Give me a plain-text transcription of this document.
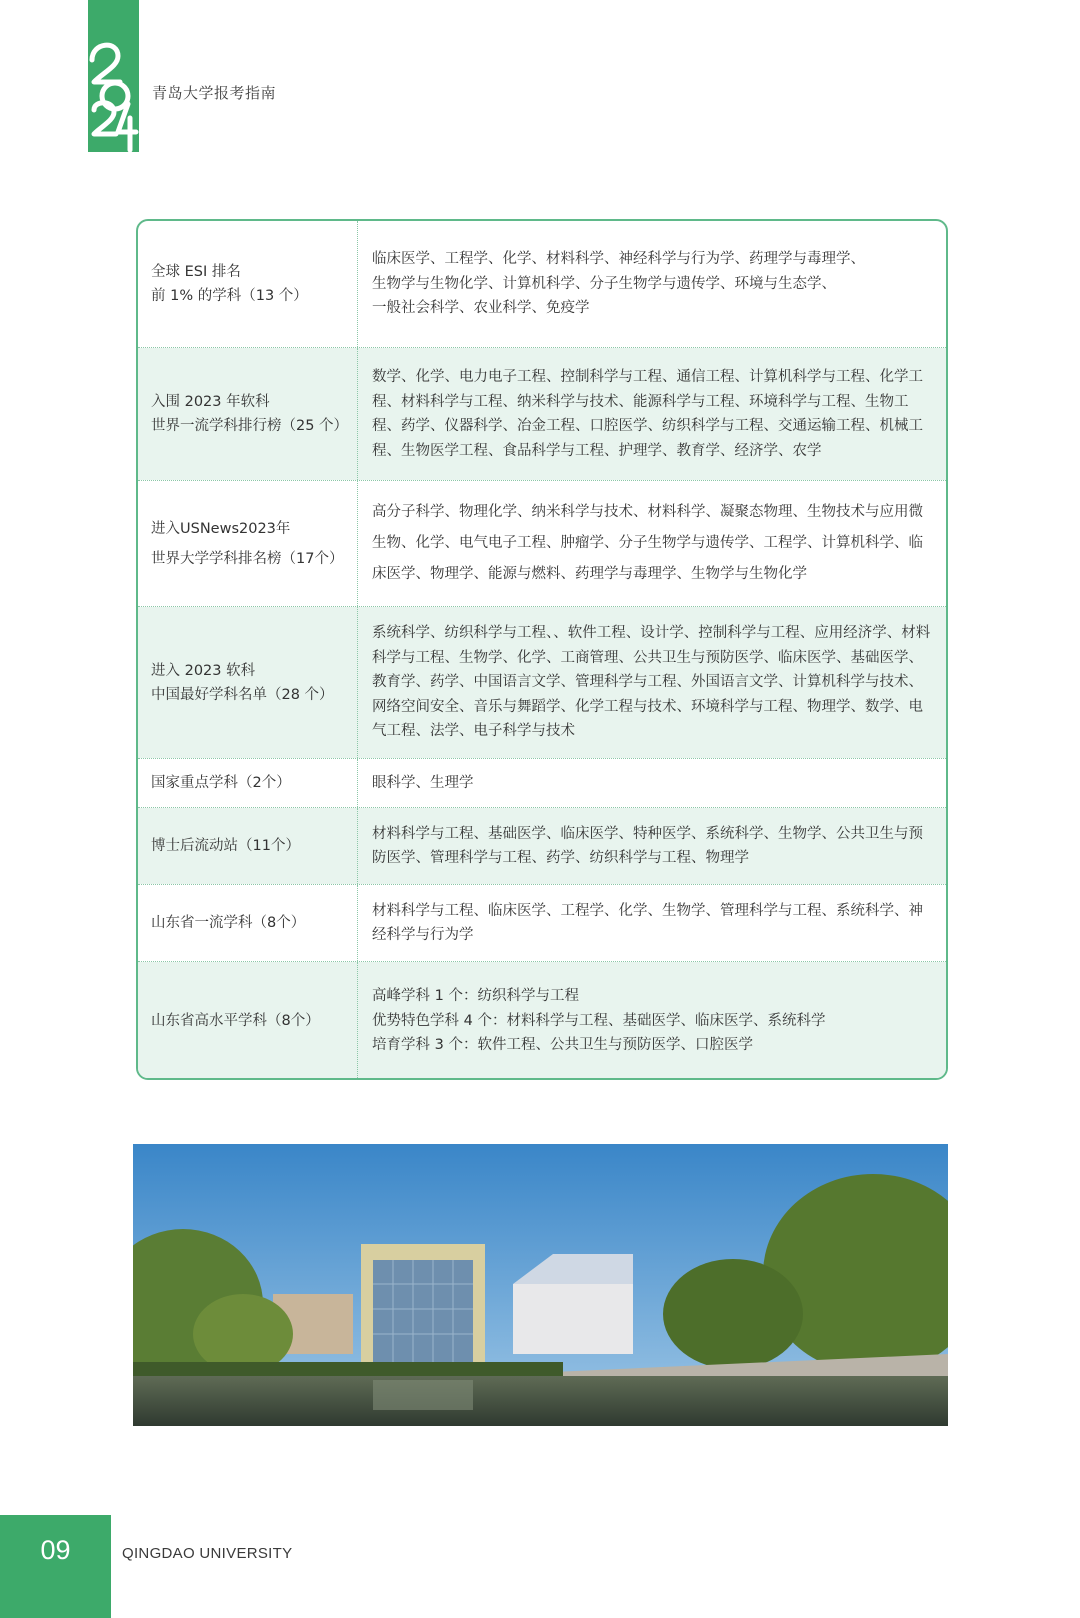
青岛大学报考指南
全球 ESI 排名
前 1% 的学科（13 个）
临床医学、工程学、化学、材料科学、神经科学与行为学、药理学与毒理学、
生物学与生物化学、计算机科学、分子生物学与遗传学、环境与生态学、
一般社会科学、农业科学、免疫学
入围 2023 年软科
世界一流学科排行榜（25 个）
数学、化学、电力电子工程、控制科学与工程、通信工程、计算机科学与工程、化学工程、材料科学与工程、纳米科学与技术、能源科学与工程、环境科学与工程、生物工程、药学、仪器科学、冶金工程、口腔医学、纺织科学与工程、交通运输工程、机械工程、生物医学工程、食品科学与工程、护理学、教育学、经济学、农学
进入USNews2023年
世界大学学科排名榜（17个）
高分子科学、物理化学、纳米科学与技术、材料科学、凝聚态物理、生物技术与应用微生物、化学、电气电子工程、肿瘤学、分子生物学与遗传学、工程学、计算机科学、临床医学、物理学、能源与燃料、药理学与毒理学、生物学与生物化学
进入 2023 软科
中国最好学科名单（28 个）
系统科学、纺织科学与工程、、软件工程、设计学、控制科学与工程、应用经济学、材料科学与工程、生物学、化学、工商管理、公共卫生与预防医学、临床医学、基础医学、教育学、药学、中国语言文学、管理科学与工程、外国语言文学、计算机科学与技术、网络空间安全、音乐与舞蹈学、化学工程与技术、环境科学与工程、物理学、数学、电气工程、法学、电子科学与技术
国家重点学科（2个）	眼科学、生理学
博士后流动站（11个）
材料科学与工程、基础医学、临床医学、特种医学、系统科学、生物学、公共卫生与预防医学、管理科学与工程、药学、纺织科学与工程、物理学
山东省一流学科（8个）
材料科学与工程、临床医学、工程学、化学、生物学、管理科学与工程、系统科学、神经科学与行为学
山东省高水平学科（8个）
高峰学科 1 个：纺织科学与工程
优势特色学科 4 个：材料科学与工程、基础医学、临床医学、系统科学
培育学科 3 个：软件工程、公共卫生与预防医学、口腔医学
09	QINGDAO UNIVERSITY
